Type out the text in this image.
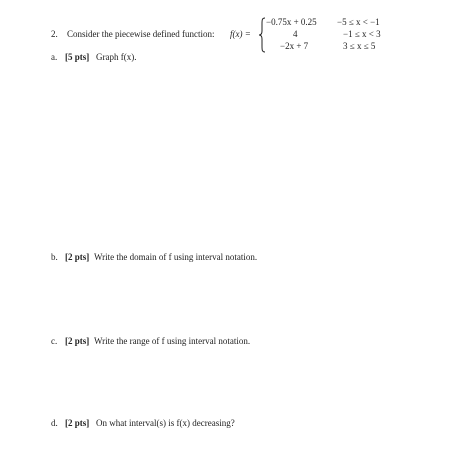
2. Consider the piecewise defined function: f(x) =
−0.75x + 0.25
4
−2x + 7
−5 ≤ x < −1
−1 ≤ x < 3
3 ≤ x ≤ 5
a. [5 pts] Graph f(x).
b. [2 pts] Write the domain of f using interval notation.
c. [2 pts] Write the range of f using interval notation.
d. [2 pts] On what interval(s) is f(x) decreasing?
